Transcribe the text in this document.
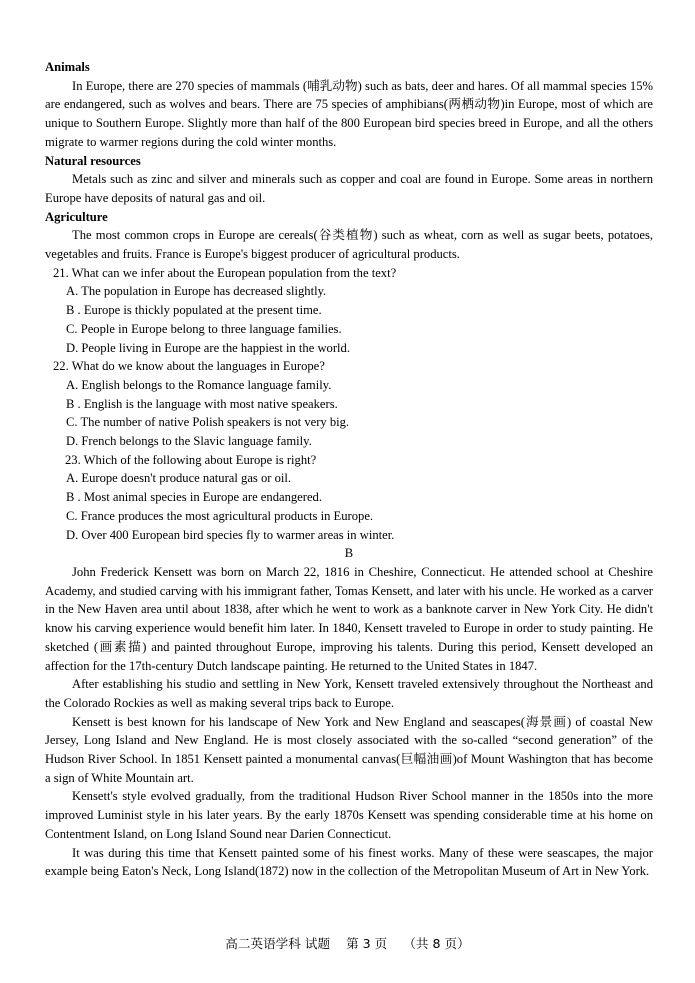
Animals

In Europe, there are 270 species of mammals (哺乳动物) such as bats, deer and hares. Of all mammal species 15% are endangered, such as wolves and bears. There are 75 species of amphibians(两栖动物)in Europe, most of which are unique to Southern Europe. Slightly more than half of the 800 European bird species breed in Europe, and all the others migrate to warmer regions during the cold winter months.

Natural resources

Metals such as zinc and silver and minerals such as copper and coal are found in Europe. Some areas in northern Europe have deposits of natural gas and oil.

Agriculture

The most common crops in Europe are cereals(谷类植物) such as wheat, corn as well as sugar beets, potatoes, vegetables and fruits. France is Europe's biggest producer of agricultural products.

21. What can we infer about the European population from the text?

A. The population in Europe has decreased slightly.

B . Europe is thickly populated at the present time.

C. People in Europe belong to three language families.

D. People living in Europe are the happiest in the world.

22. What do we know about the languages in Europe?

A. English belongs to the Romance language family.

B . English is the language with most native speakers.

C. The number of native Polish speakers is not very big.

D. French belongs to the Slavic language family.

23. Which of the following about Europe is right?

A. Europe doesn't produce natural gas or oil.

B . Most animal species in Europe are endangered.

C. France produces the most agricultural products in Europe.

D. Over 400 European bird species fly to warmer areas in winter.

B

John Frederick Kensett was born on March 22, 1816 in Cheshire, Connecticut. He attended school at Cheshire Academy, and studied carving with his immigrant father, Tomas Kensett, and later with his uncle. He worked as a carver in the New Haven area until about 1838, after which he went to work as a banknote carver in New York City. He didn't know his carving experience would benefit him later. In 1840, Kensett traveled to Europe in order to study painting. He sketched (画素描) and painted throughout Europe, improving his talents. During this period, Kensett developed an affection for the 17th-century Dutch landscape painting. He returned to the United States in 1847.

After establishing his studio and settling in New York, Kensett traveled extensively throughout the Northeast and the Colorado Rockies as well as making several trips back to Europe.

Kensett is best known for his landscape of New York and New England and seascapes(海景画) of coastal New Jersey, Long Island and New England. He is most closely associated with the so-called “second generation” of the Hudson River School. In 1851 Kensett painted a monumental canvas(巨幅油画)of Mount Washington that has become a sign of White Mountain art.

Kensett's style evolved gradually, from the traditional Hudson River School manner in the 1850s into the more improved Luminist style in his later years. By the early 1870s Kensett was spending considerable time at his home on Contentment Island, on Long Island Sound near Darien Connecticut.

It was during this time that Kensett painted some of his finest works. Many of these were seascapes, the major example being Eaton's Neck, Long Island(1872) now in the collection of the Metropolitan Museum of Art in New York.

高二英语学科 试题 第 3 页 （共 8 页）
